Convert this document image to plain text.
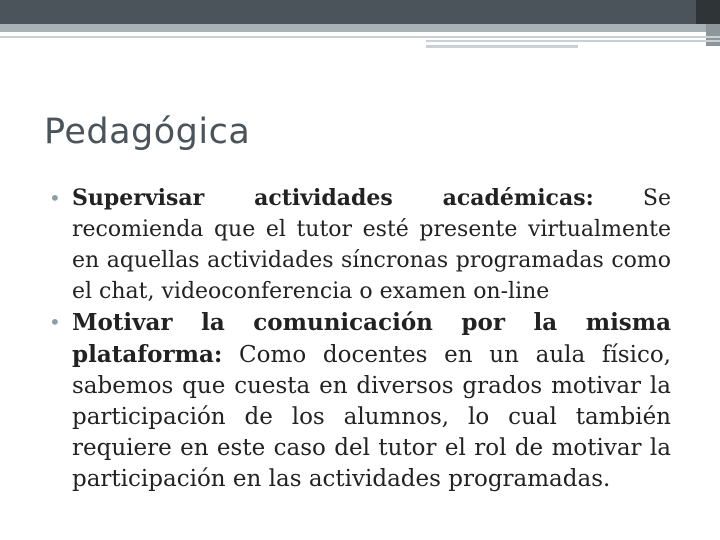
Pedagógica
• Supervisar actividades académicas: Se recomienda que el tutor esté presente virtualmente en aquellas actividades síncronas programadas como el chat, videoconferencia o examen on-line
• Motivar la comunicación por la misma plataforma: Como docentes en un aula físico, sabemos que cuesta en diversos grados motivar la participación de los alumnos, lo cual también requiere en este caso del tutor el rol de motivar la participación en las actividades programadas.
